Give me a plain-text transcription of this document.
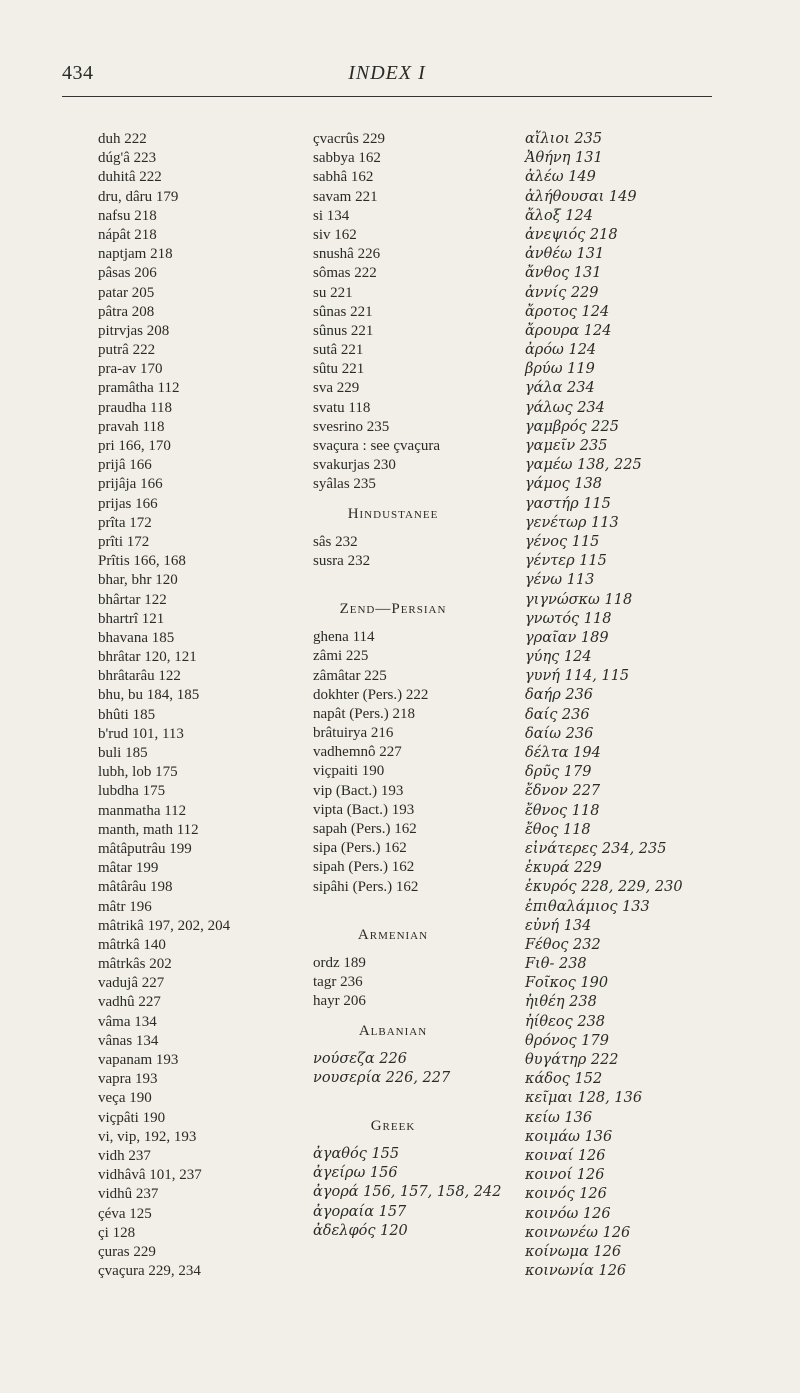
434	INDEX I
duh 222
dúg'â 223
duhitâ 222
dru, dâru 179
nafsu 218
nápât 218
naptjam 218
pâsas 206
patar 205
pâtra 208
pitrvjas 208
putrâ 222
pra-av 170
pramâtha 112
praudha 118
pravah 118
pri 166, 170
prijâ 166
prijâja 166
prijas 166
prîta 172
prîti 172
Prîtis 166, 168
bhar, bhr 120
bhârtar 122
bhartrî 121
bhavana 185
bhrâtar 120, 121
bhrâtarâu 122
bhu, bu 184, 185
bhûti 185
b'rud 101, 113
buli 185
lubh, lob 175
lubdha 175
manmatha 112
manth, math 112
mâtâputrâu 199
mâtar 199
mâtârâu 198
mâtr 196
mâtrikâ 197, 202, 204
mâtrkâ 140
mâtrkâs 202
vadujâ 227
vadhû 227
vâma 134
vânas 134
vapanam 193
vapra 193
veça 190
viçpâti 190
vi, vip, 192, 193
vidh 237
vidhâvâ 101, 237
vidhû 237
çéva 125
çi 128
çuras 229
çvaçura 229, 234
çvacrûs 229
sabbya 162
sabhâ 162
savam 221
si 134
siv 162
snushâ 226
sômas 222
su 221
sûnas 221
sûnus 221
sutâ 221
sûtu 221
sva 229
svatu 118
svesrino 235
svaçura : see çvaçura
svakurjas 230
syâlas 235
Hindustanee
sâs 232
susra 232
Zend—Persian
ghena 114
zâmi 225
zâmâtar 225
dokhter (Pers.) 222
napât (Pers.) 218
brâtuirya 216
vadhemnô 227
viçpaiti 190
vip (Bact.) 193
vipta (Bact.) 193
sapah (Pers.) 162
sipa (Pers.) 162
sipah (Pers.) 162
sipâhi (Pers.) 162
Armenian
ordz 189
tagr 236
hayr 206
Albanian
νούσεζα 226
νουσερία 226, 227
Greek
ἀγαθός 155
ἀγείρω 156
ἀγορά 156, 157, 158, 242
ἀγοραία 157
ἀδελφός 120
αἴλιοι 235
Ἀθήνη 131
ἀλέω 149
ἀλήθουσαι 149
ἄλοξ 124
ἀνεψιός 218
ἀνθέω 131
ἄνθος 131
ἀννίς 229
ἄροτος 124
ἄρουρα 124
ἀρόω 124
βρύω 119
γάλα 234
γάλως 234
γαμβρός 225
γαμεῖν 235
γαμέω 138, 225
γάμος 138
γαστήρ 115
γενέτωρ 113
γένος 115
γέντερ 115
γένω 113
γιγνώσκω 118
γνωτός 118
γραῖαν 189
γύης 124
γυνή 114, 115
δαήρ 236
δαίς 236
δαίω 236
δέλτα 194
δρῦς 179
ἔδνον 227
ἔθνος 118
ἔθος 118
εἰνάτερες 234, 235
ἑκυρά 229
ἑκυρός 228, 229, 230
ἐπιθαλάμιος 133
εὐνή 134
Fέθος 232
Fιθ- 238
Fοῖκος 190
ἠιθέη 238
ἠίθεος 238
θρόνος 179
θυγάτηρ 222
κάδος 152
κεῖμαι 128, 136
κείω 136
κοιμάω 136
κοιναί 126
κοινοί 126
κοινός 126
κοινόω 126
κοινωνέω 126
κοίνωμα 126
κοινωνία 126
